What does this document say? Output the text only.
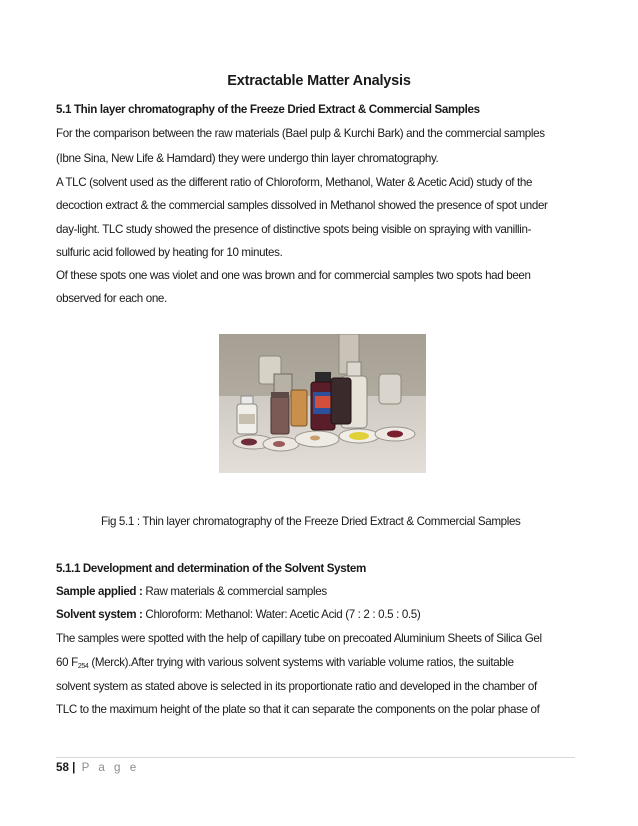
Extractable Matter Analysis
5.1 Thin layer chromatography of the Freeze Dried Extract & Commercial Samples
For the comparison between the raw materials (Bael pulp & Kurchi Bark) and the commercial samples
(Ibne Sina, New Life & Hamdard) they were undergo thin layer chromatography.
A TLC (solvent used as the different ratio of Chloroform, Methanol, Water & Acetic Acid) study of the
decoction extract & the commercial samples dissolved in Methanol showed the presence of spot under
day-light. TLC study showed the presence of distinctive spots being visible on spraying with vanillin-
sulfuric acid followed by heating for 10 minutes.
Of these spots one was violet and one was brown and for commercial samples two spots had been
observed for each one.
Fig 5.1 : Thin layer chromatography of the Freeze Dried Extract & Commercial Samples
5.1.1 Development and determination of the Solvent System
Sample applied : Raw materials & commercial samples
Solvent system : Chloroform: Methanol: Water: Acetic Acid (7 : 2 : 0.5 : 0.5)
The samples were spotted with the help of capillary tube on precoated Aluminium Sheets of Silica Gel
60 $F_{254}$ (Merck).After trying with various solvent systems with variable volume ratios, the suitable
solvent system as stated above is selected in its proportionate ratio and developed in the chamber of
TLC to the maximum height of the plate so that it can separate the components on the polar phase of
58 | P a g e
